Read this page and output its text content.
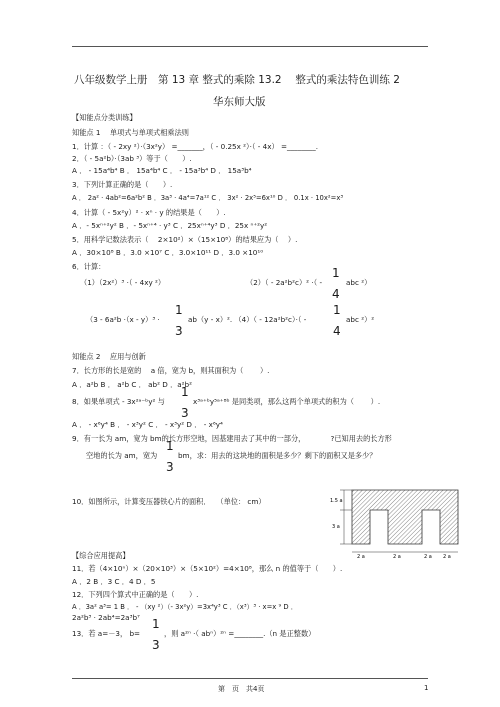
八年级数学上册　第 13 章 整式的乘除 13.2　 整式的乘法特色训练 2
华东师大版
【知能点分类训练】
知能点 1　 单项式与单项式相乘法则
1．计算 ：（ - 2xy ²）·（3x²y） =_______，（ - 0.25x ²）·（ - 4x） =________.
2．（ - 5a²b）·（3ab ³）等于（　　）.
A ． - 15a⁴b⁴ B ． 15a⁴b⁴ C ． - 15a³b⁴ D ． 15a³b⁴
3．下列计算正确的是（　　）.
A ． 2a² · 4ab²=6a²b² B ．3a³ · 4a⁴=7a¹² C ． 3x² · 2x⁵=6x¹⁰ D ． 0.1x · 10x²=x³
4．计算（ - 5x²y）² · xⁿ · y 的结果是（　　）.
A ．- 5xⁿ⁺²y² B ．- 5xⁿ⁺⁴ · y³ C ．25xⁿ⁺⁴y³ D ．25x ⁿ⁺²y²
5．用科学记数法表示（ 　2×10²）×（15×10⁸）的结果应为（ 　）.
A ．30×10⁸ B ．3.0 ×10⁷ C ．3.0×10¹¹ D ．3.0 ×10¹⁰
6．计算：
（1）（2x²）³ ·（ - 4xy ²）	（2）（ - 2a²b²c）² ·（ -
1
4
abc ²）
（3 - 6a²b ·（x - y）³ ·
1
3
ab（y - x）². （4）（ - 12a²b²c）·（ -
1
4
abc ²）²
知能点 2　 应用与创新
7．长方形的长是宽的 　a 倍，宽为 b，则其面积为（ 　　）.
A ．a²b B ． a²b C ． ab² D ．a²b²
8．如果单项式 - 3x²ᵃ⁻ᵇy² 与
1
3
x³ᵃ⁺ᵇy⁵ᵃ⁺⁸ᵇ 是同类项，那么这两个单项式的积为（ 　　）.
A ． - x⁶y⁴ B ． - x³y² C ． - x³y² D ． - x⁶y⁴
9．有一长为 am，宽为 bm的长方形空地，因基建用去了其中的一部分，　　　　?已知用去的长方形
空地的长为 am，宽为
1
3
bm，求：用去的这块地的面积是多少？剩下的面积又是多少？
10．如图所示，计算变压器铁心片的面积．　 （单位： cm）	1.5 a
3 a
2 a	2 a	2 a 2 a
【综合应用提高】
11．若（4×10ⁿ）×（20×10³）×（5×10²）=4×10⁸，那么 n 的值等于（　　）.
A ．2 B ．3 C ．4 D ．5
12．下列四个算式中正确的是（　　）.
A ．3a² a³= 1 B ． - （xy ²）（- 3x²y）=3x⁴y³ C ．（x³）³ · x=x ⁹ D ．
2a²b³ · 2ab⁴=2a³b⁷
13．若 a=－3， b=
1
3
，则 a²ⁿ ·（ abⁿ）²ⁿ =________.（n 是正整数）
第　页　共4页	1
